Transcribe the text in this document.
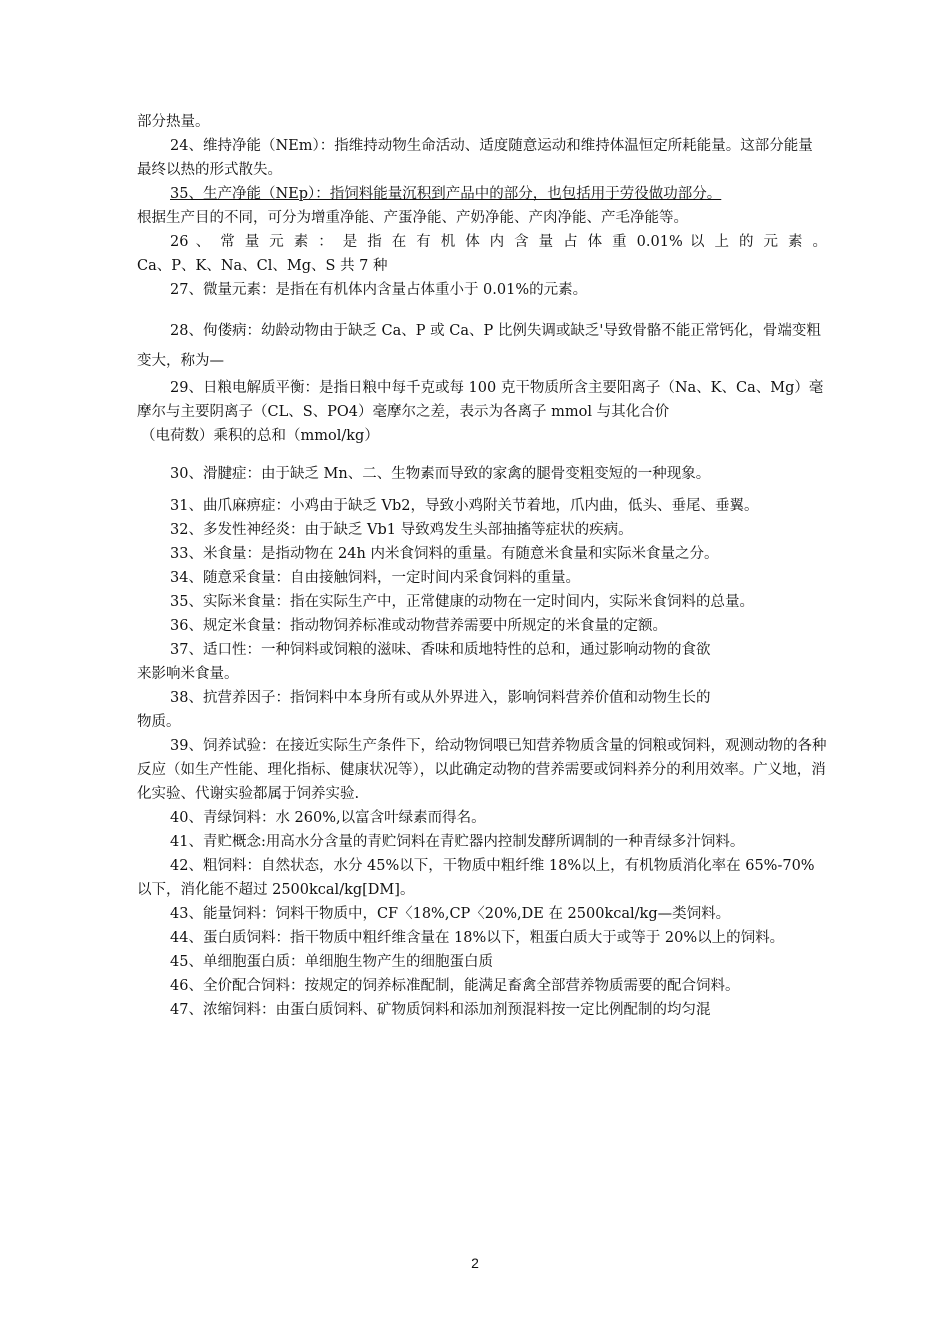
部分热量。

24、维持净能（NEm）：指维持动物生命活动、适度随意运动和维持体温恒定所耗能量。这部分能量最终以热的形式散失。

35、生产净能（NEp）：指饲料能量沉积到产品中的部分，也包括用于劳役做功部分。

根据生产目的不同，可分为增重净能、产蛋净能、产奶净能、产肉净能、产毛净能等。

26 、 常 量 元 素 ： 是 指 在 有 机 体 内 含 量 占 体 重 0.01% 以 上 的 元 素 。

Ca、P、K、Na、Cl、Mg、S 共 7 种

27、微量元素：是指在有机体内含量占体重小于 0.01%的元素。

28、佝偻病：幼龄动物由于缺乏 Ca、P 或 Ca、P 比例失调或缺乏'导致骨骼不能正常钙化，骨端变粗变大，称为—

29、日粮电解质平衡：是指日粮中每千克或每 100 克干物质所含主要阳离子（Na、K、Ca、Mg）毫摩尔与主要阴离子（CL、S、PO4）毫摩尔之差，表示为各离子 mmol 与其化合价

（电荷数）乘积的总和（mmol/kg）

30、滑腱症：由于缺乏 Mn、二、生物素而导致的家禽的腿骨变粗变短的一种现象。

31、曲爪麻痹症：小鸡由于缺乏 Vb2，导致小鸡附关节着地，爪内曲，低头、垂尾、垂翼。

32、多发性神经炎：由于缺乏 Vb1 导致鸡发生头部抽搐等症状的疾病。

33、米食量：是指动物在 24h 内米食饲料的重量。有随意米食量和实际米食量之分。

34、随意采食量：自由接触饲料，一定时间内采食饲料的重量。

35、实际米食量：指在实际生产中，正常健康的动物在一定时间内，实际米食饲料的总量。

36、规定米食量：指动物饲养标准或动物营养需要中所规定的米食量的定额。

37、适口性：一种饲料或饲粮的滋味、香味和质地特性的总和，通过影响动物的食欲

来影响米食量。

38、抗营养因子：指饲料中本身所有或从外界进入，影响饲料营养价值和动物生长的

物质。

39、饲养试验：在接近实际生产条件下，给动物饲喂已知营养物质含量的饲粮或饲料，观测动物的各种反应（如生产性能、理化指标、健康状况等），以此确定动物的营养需要或饲料养分的利用效率。广义地，消化实验、代谢实验都属于饲养实验.

40、青绿饲料：水 260%,以富含叶绿素而得名。

41、青贮概念:用高水分含量的青贮饲料在青贮器内控制发酵所调制的一种青绿多汁饲料。

42、粗饲料：自然状态，水分 45%以下，干物质中粗纤维 18%以上，有机物质消化率在 65%-70%以下，消化能不超过 2500kcal/kg[DM]。

43、能量饲料：饲料干物质中，CF〈18%,CP〈20%,DE 在 2500kcal/kg—类饲料。

44、蛋白质饲料：指干物质中粗纤维含量在 18%以下，粗蛋白质大于或等于 20%以上的饲料。

45、单细胞蛋白质：单细胞生物产生的细胞蛋白质

46、全价配合饲料：按规定的饲养标准配制，能满足畜禽全部营养物质需要的配合饲料。

47、浓缩饲料：由蛋白质饲料、矿物质饲料和添加剂预混料按一定比例配制的均匀混

2
